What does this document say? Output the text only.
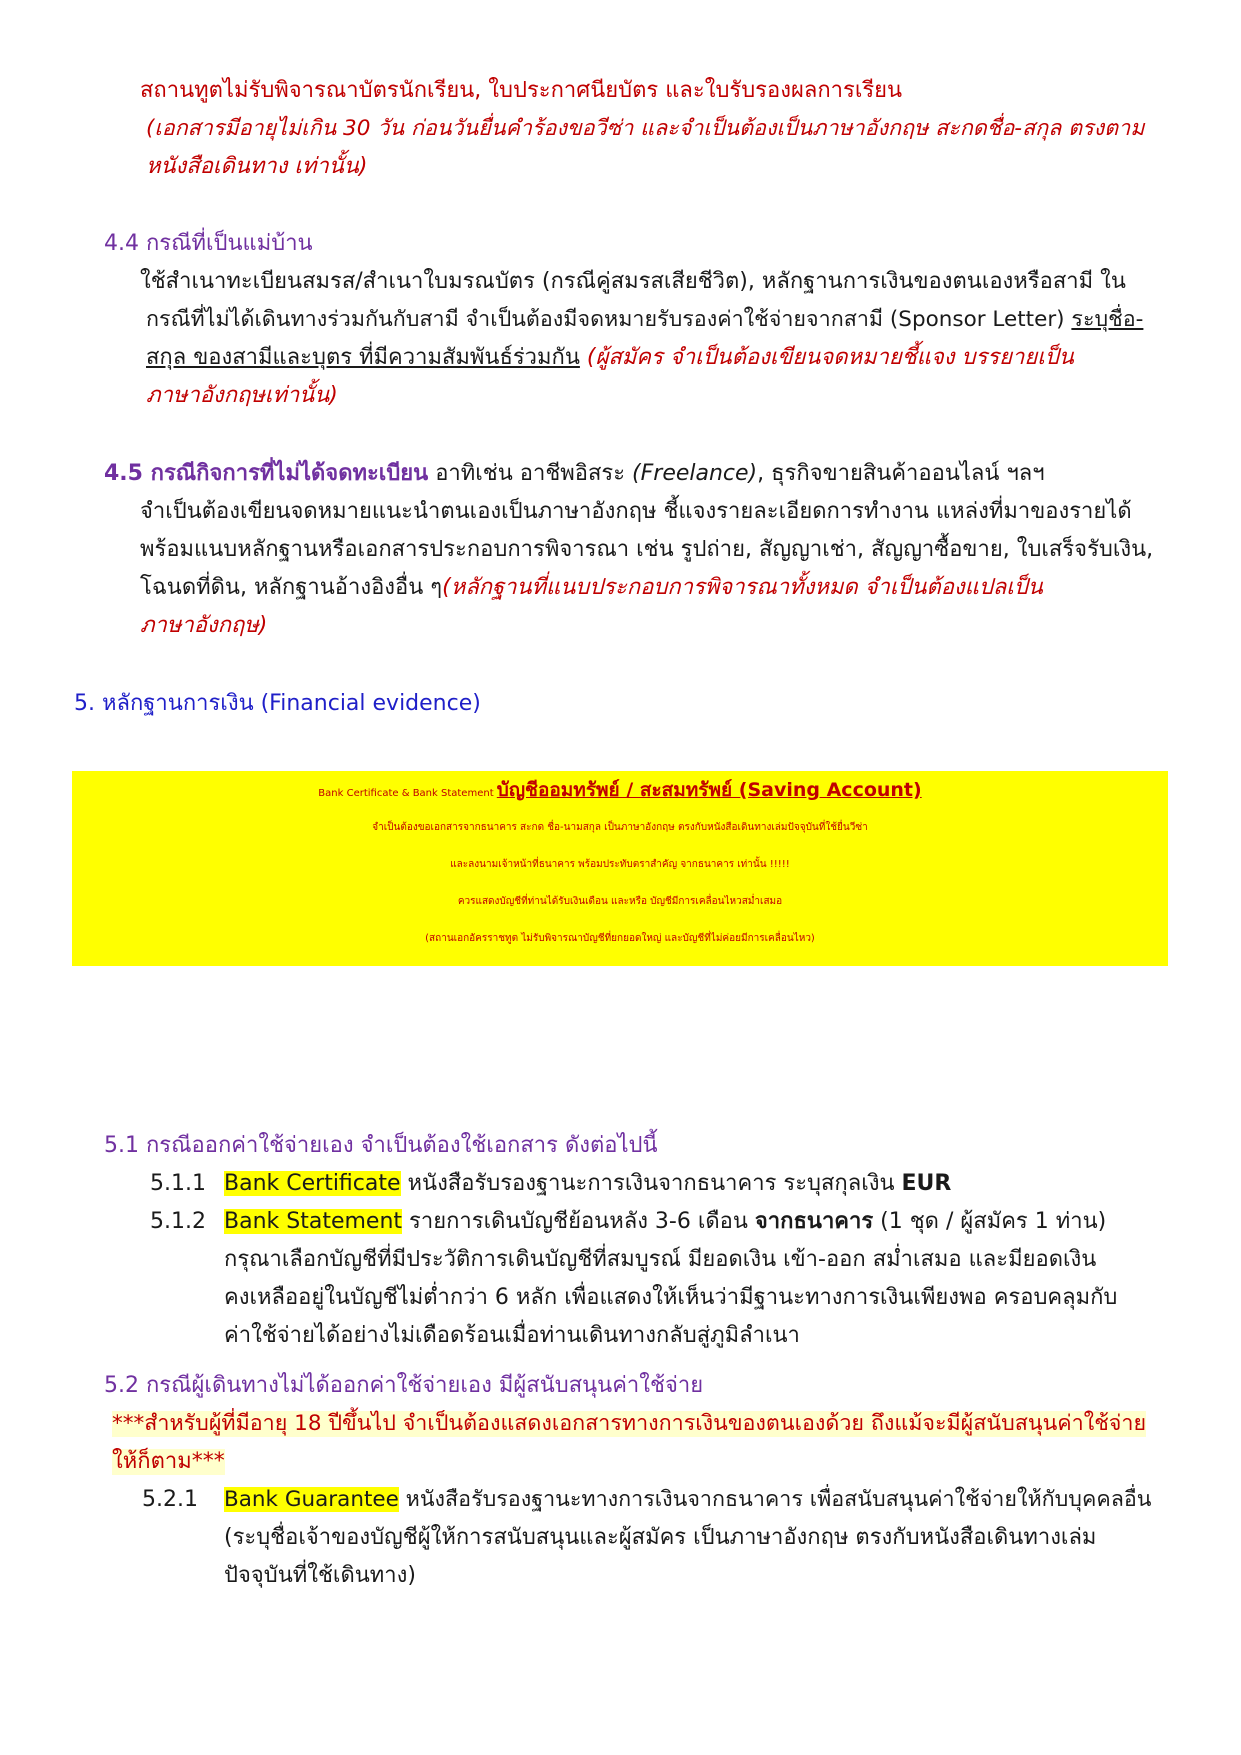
สถานทูตไม่รับพิจารณาบัตรนักเรียน, ใบประกาศนียบัตร และใบรับรองผลการเรียน
(เอกสารมีอายุไม่เกิน 30 วัน ก่อนวันยื่นคำร้องขอวีซ่า และจำเป็นต้องเป็นภาษาอังกฤษ สะกดชื่อ-สกุล ตรงตาม
หนังสือเดินทาง เท่านั้น)
4.4 กรณีที่เป็นแม่บ้าน
ใช้สำเนาทะเบียนสมรส/สำเนาใบมรณบัตร (กรณีคู่สมรสเสียชีวิต), หลักฐานการเงินของตนเองหรือสามี ใน
กรณีที่ไม่ได้เดินทางร่วมกันกับสามี จำเป็นต้องมีจดหมายรับรองค่าใช้จ่ายจากสามี (Sponsor Letter) ระบุชื่อ-
สกุล ของสามีและบุตร ที่มีความสัมพันธ์ร่วมกัน (ผู้สมัคร จำเป็นต้องเขียนจดหมายชี้แจง บรรยายเป็น
ภาษาอังกฤษเท่านั้น)
4.5 กรณีกิจการที่ไม่ได้จดทะเบียน อาทิเช่น อาชีพอิสระ (Freelance), ธุรกิจขายสินค้าออนไลน์ ฯลฯ
จำเป็นต้องเขียนจดหมายแนะนำตนเองเป็นภาษาอังกฤษ ชี้แจงรายละเอียดการทำงาน แหล่งที่มาของรายได้
พร้อมแนบหลักฐานหรือเอกสารประกอบการพิจารณา เช่น รูปถ่าย, สัญญาเช่า, สัญญาซื้อขาย, ใบเสร็จรับเงิน,
โฉนดที่ดิน, หลักฐานอ้างอิงอื่น ๆ(หลักฐานที่แนบประกอบการพิจารณาทั้งหมด จำเป็นต้องแปลเป็น
ภาษาอังกฤษ)
5. หลักฐานการเงิน (Financial evidence)
Bank Certificate & Bank Statement บัญชีออมทรัพย์ / สะสมทรัพย์ (Saving Account)
จำเป็นต้องขอเอกสารจากธนาคาร สะกด ชื่อ-นามสกุล เป็นภาษาอังกฤษ ตรงกับหนังสือเดินทางเล่มปัจจุบันที่ใช้ยื่นวีซ่า
และลงนามเจ้าหน้าที่ธนาคาร พร้อมประทับตราสำคัญ จากธนาคาร เท่านั้น !!!!!
ควรแสดงบัญชีที่ท่านได้รับเงินเดือน และหรือ บัญชีมีการเคลื่อนไหวสม่ำเสมอ
(สถานเอกอัครราชทูต ไม่รับพิจารณาบัญชีที่ยกยอดใหญ่ และบัญชีที่ไม่ค่อยมีการเคลื่อนไหว)
5.1 กรณีออกค่าใช้จ่ายเอง จำเป็นต้องใช้เอกสาร ดังต่อไปนี้
5.1.1 Bank Certificate หนังสือรับรองฐานะการเงินจากธนาคาร ระบุสกุลเงิน EUR
5.1.2 Bank Statement รายการเดินบัญชีย้อนหลัง 3-6 เดือน จากธนาคาร (1 ชุด / ผู้สมัคร 1 ท่าน)
กรุณาเลือกบัญชีที่มีประวัติการเดินบัญชีที่สมบูรณ์ มียอดเงิน เข้า-ออก สม่ำเสมอ และมียอดเงิน
คงเหลืออยู่ในบัญชีไม่ต่ำกว่า 6 หลัก เพื่อแสดงให้เห็นว่ามีฐานะทางการเงินเพียงพอ ครอบคลุมกับ
ค่าใช้จ่ายได้อย่างไม่เดือดร้อนเมื่อท่านเดินทางกลับสู่ภูมิลำเนา
5.2 กรณีผู้เดินทางไม่ได้ออกค่าใช้จ่ายเอง มีผู้สนับสนุนค่าใช้จ่าย
***สำหรับผู้ที่มีอายุ 18 ปีขึ้นไป จำเป็นต้องแสดงเอกสารทางการเงินของตนเองด้วย ถึงแม้จะมีผู้สนับสนุนค่าใช้จ่าย
ให้ก็ตาม***
5.2.1 Bank Guarantee หนังสือรับรองฐานะทางการเงินจากธนาคาร เพื่อสนับสนุนค่าใช้จ่ายให้กับบุคคลอื่น
(ระบุชื่อเจ้าของบัญชีผู้ให้การสนับสนุนและผู้สมัคร เป็นภาษาอังกฤษ ตรงกับหนังสือเดินทางเล่ม
ปัจจุบันที่ใช้เดินทาง)
